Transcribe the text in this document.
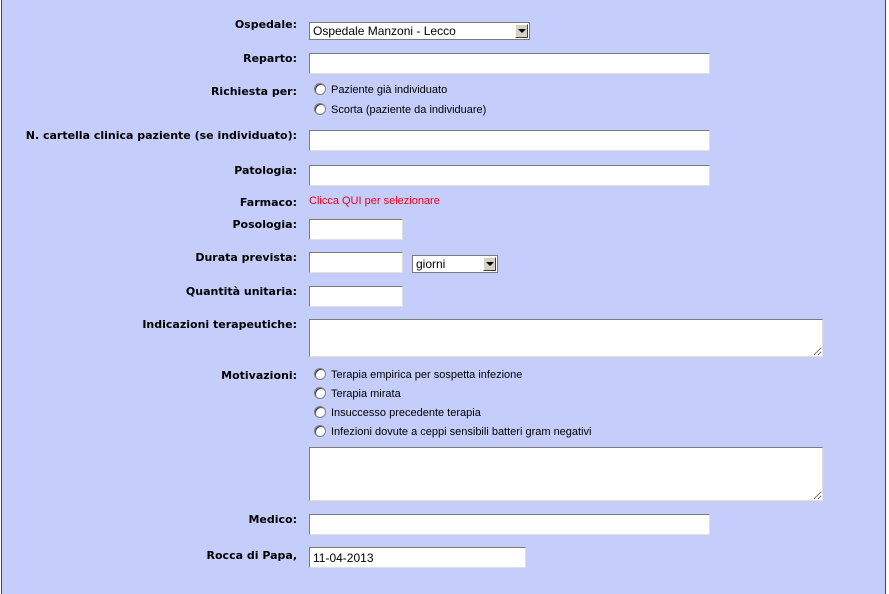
Ospedale: Ospedale Manzoni - Lecco
Reparto:
Richiesta per:	Paziente già individuato
Scorta (paziente da individuare)
N. cartella clinica paziente (se individuato):
Patologia:
Farmaco: Clicca QUI per selezionare
Posologia:
Durata prevista:	giorni
Quantità unitaria:
Indicazioni terapeutiche:
Motivazioni:	Terapia empirica per sospetta infezione
Terapia mirata
Insuccesso precedente terapia
Infezioni dovute a ceppi sensibili batteri gram negativi
Medico:
Rocca di Papa,
11-04-2013
